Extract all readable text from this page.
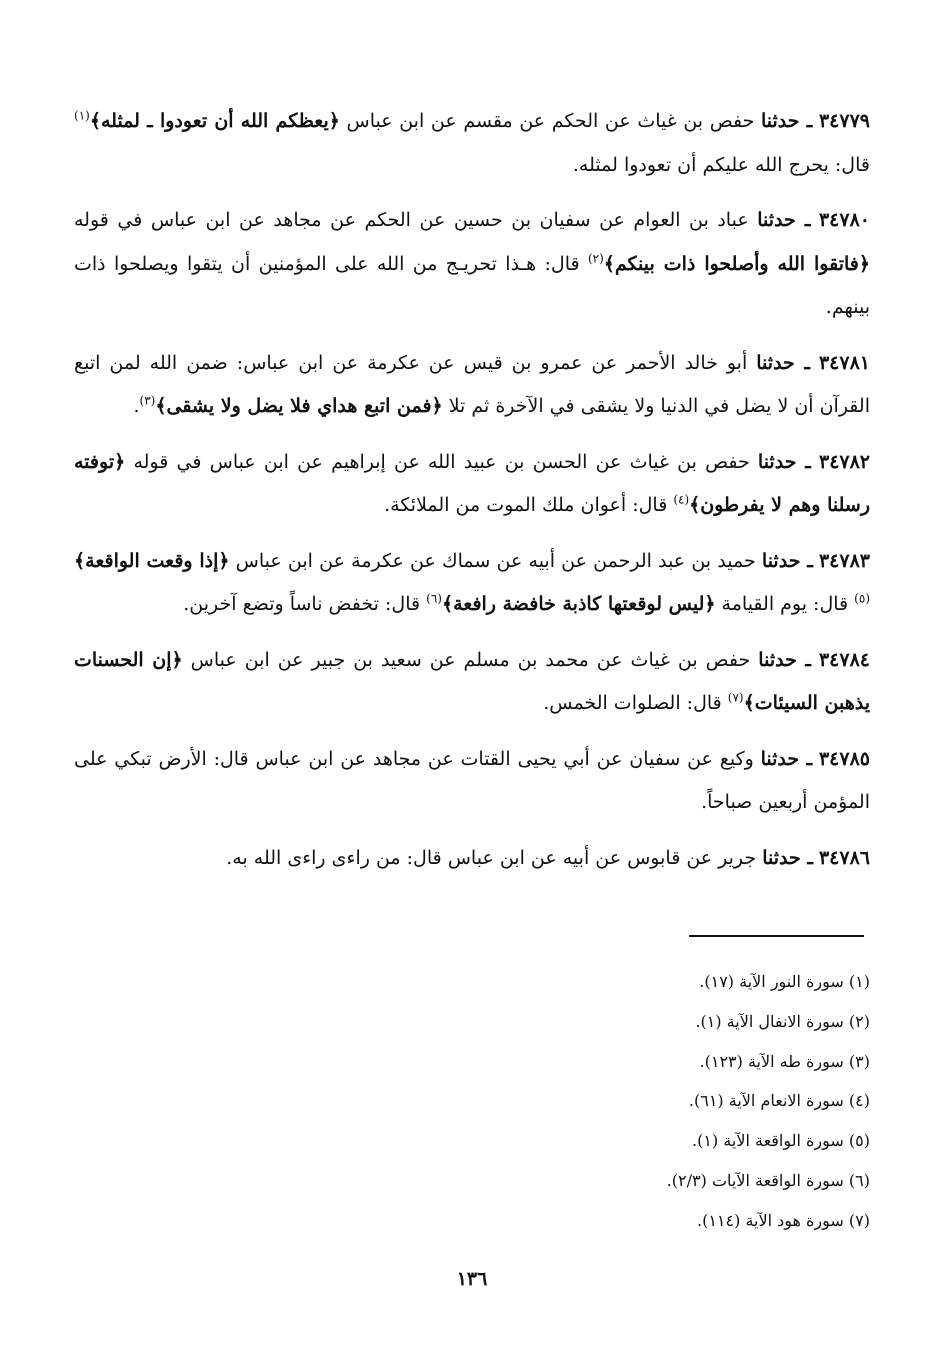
٣٤٧٧٩ ـ حدثنا حفص بن غياث عن الحكم عن مقسم عن ابن عباس ﴿يعظكم الله أن تعودوا ـ لمثله﴾$^{(١)}$ قال: يحرج الله عليكم أن تعودوا لمثله.

٣٤٧٨٠ ـ حدثنا عباد بن العوام عن سفيان بن حسين عن الحكم عن مجاهد عن ابن عباس في قوله ﴿فاتقوا الله وأصلحوا ذات بينكم﴾$^{(٢)}$ قال: هـذا تحريـج من الله على المؤمنين أن يتقوا ويصلحوا ذات بينهم.

٣٤٧٨١ ـ حدثنا أبو خالد الأحمر عن عمرو بن قيس عن عكرمة عن ابن عباس: ضمن الله لمن اتبع القرآن أن لا يضل في الدنيا ولا يشقى في الآخرة ثم تلا ﴿فمن اتبع هداي فلا يضل ولا يشقى﴾$^{(٣)}$.

٣٤٧٨٢ ـ حدثنا حفص بن غياث عن الحسن بن عبيد الله عن إبراهيم عن ابن عباس في قوله ﴿توفته رسلنا وهم لا يفرطون﴾$^{(٤)}$ قال: أعوان ملك الموت من الملائكة.

٣٤٧٨٣ ـ حدثنا حميد بن عبد الرحمن عن أبيه عن سماك عن عكرمة عن ابن عباس ﴿إذا وقعت الواقعة﴾$^{(٥)}$ قال: يوم القيامة ﴿ليس لوقعتها كاذبة خافضة رافعة﴾$^{(٦)}$ قال: تخفض ناساً وتضع آخرين.

٣٤٧٨٤ ـ حدثنا حفص بن غياث عن محمد بن مسلم عن سعيد بن جبير عن ابن عباس ﴿إن الحسنات يذهبن السيئات﴾$^{(٧)}$ قال: الصلوات الخمس.

٣٤٧٨٥ ـ حدثنا وكيع عن سفيان عن أبي يحيى القتات عن مجاهد عن ابن عباس قال: الأرض تبكي على المؤمن أربعين صباحاً.

٣٤٧٨٦ ـ حدثنا جرير عن قابوس عن أبيه عن ابن عباس قال: من راءى راءى الله به.

(١) سورة النور الآية (١٧).

(٢) سورة الانفال الآية (١).

(٣) سورة طه الآية (١٢٣).

(٤) سورة الانعام الآية (٦١).

(٥) سورة الواقعة الآية (١).

(٦) سورة الواقعة الآيات (٢/٣).

(٧) سورة هود الآية (١١٤).

١٣٦
